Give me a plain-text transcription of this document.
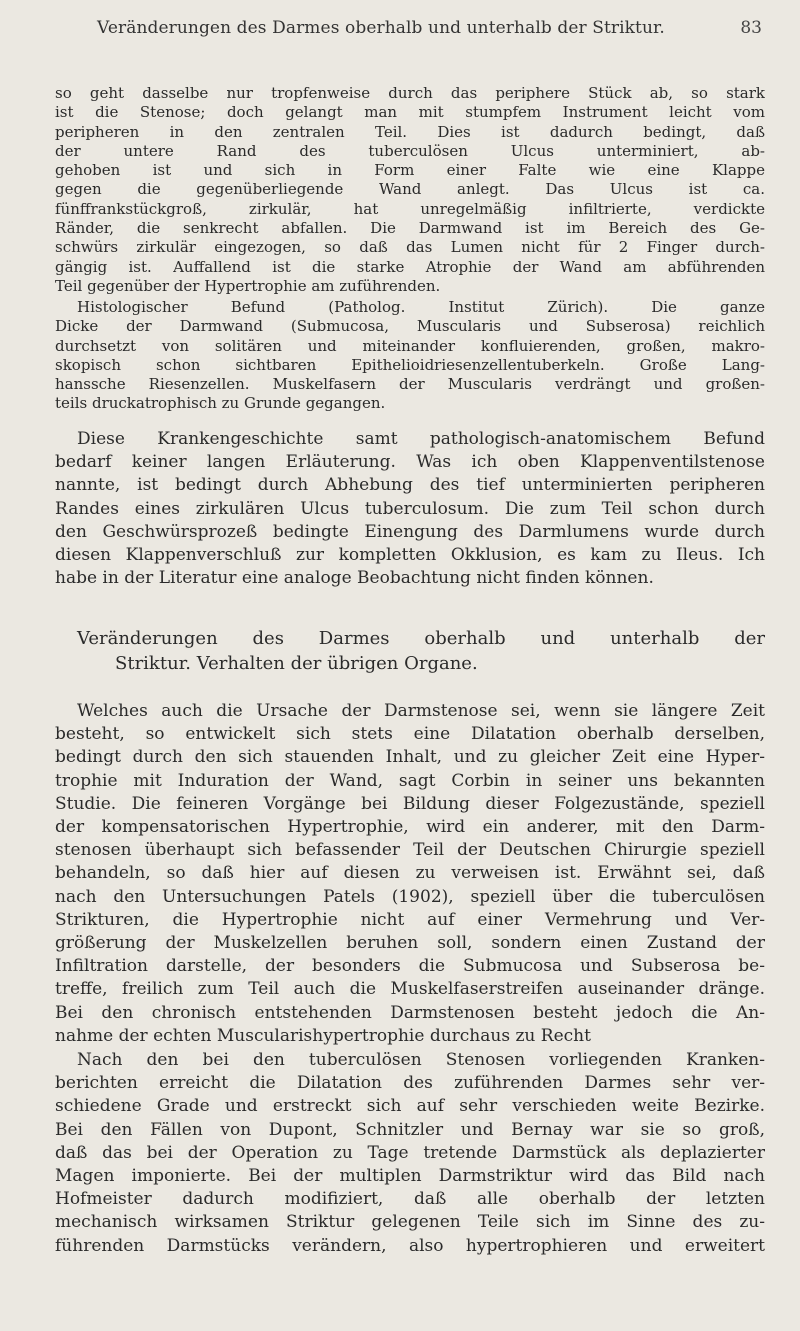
Veränderungen des Darmes oberhalb und unterhalb der Striktur.	83
so geht dasselbe nur tropfenweise durch das periphere Stück ab, so stark
ist die Stenose; doch gelangt man mit stumpfem Instrument leicht vom
peripheren in den zentralen Teil. Dies ist dadurch bedingt, daß
der untere Rand des tuberculösen Ulcus unterminiert, ab-
gehoben ist und sich in Form einer Falte wie eine Klappe
gegen die gegenüberliegende Wand anlegt. Das Ulcus ist ca.
fünffrankstückgroß, zirkulär, hat unregelmäßig infiltrierte, verdickte
Ränder, die senkrecht abfallen. Die Darmwand ist im Bereich des Ge-
schwürs zirkulär eingezogen, so daß das Lumen nicht für 2 Finger durch-
gängig ist. Auffallend ist die starke Atrophie der Wand am abführenden
Teil gegenüber der Hypertrophie am zuführenden.
Histologischer Befund (Patholog. Institut Zürich). Die ganze
Dicke der Darmwand (Submucosa, Muscularis und Subserosa) reichlich
durchsetzt von solitären und miteinander konfluierenden, großen, makro-
skopisch schon sichtbaren Epithelioidriesenzellentuberkeln. Große Lang-
hanssche Riesenzellen. Muskelfasern der Muscularis verdrängt und großen-
teils druckatrophisch zu Grunde gegangen.
Diese Krankengeschichte samt pathologisch-anatomischem Befund
bedarf keiner langen Erläuterung. Was ich oben Klappenventilstenose
nannte, ist bedingt durch Abhebung des tief unterminierten peripheren
Randes eines zirkulären Ulcus tuberculosum. Die zum Teil schon durch
den Geschwürsprozeß bedingte Einengung des Darmlumens wurde durch
diesen Klappenverschluß zur kompletten Okklusion, es kam zu Ileus. Ich
habe in der Literatur eine analoge Beobachtung nicht finden können.
Veränderungen des Darmes oberhalb und unterhalb der
Striktur. Verhalten der übrigen Organe.
Welches auch die Ursache der Darmstenose sei, wenn sie längere Zeit
besteht, so entwickelt sich stets eine Dilatation oberhalb derselben,
bedingt durch den sich stauenden Inhalt, und zu gleicher Zeit eine Hyper-
trophie mit Induration der Wand, sagt Corbin in seiner uns bekannten
Studie. Die feineren Vorgänge bei Bildung dieser Folgezustände, speziell
der kompensatorischen Hypertrophie, wird ein anderer, mit den Darm-
stenosen überhaupt sich befassender Teil der Deutschen Chirurgie speziell
behandeln, so daß hier auf diesen zu verweisen ist. Erwähnt sei, daß
nach den Untersuchungen Patels (1902), speziell über die tuberculösen
Strikturen, die Hypertrophie nicht auf einer Vermehrung und Ver-
größerung der Muskelzellen beruhen soll, sondern einen Zustand der
Infiltration darstelle, der besonders die Submucosa und Subserosa be-
treffe, freilich zum Teil auch die Muskelfaserstreifen auseinander dränge.
Bei den chronisch entstehenden Darmstenosen besteht jedoch die An-
nahme der echten Muscularishypertrophie durchaus zu Recht
Nach den bei den tuberculösen Stenosen vorliegenden Kranken-
berichten erreicht die Dilatation des zuführenden Darmes sehr ver-
schiedene Grade und erstreckt sich auf sehr verschieden weite Bezirke.
Bei den Fällen von Dupont, Schnitzler und Bernay war sie so groß,
daß das bei der Operation zu Tage tretende Darmstück als deplazierter
Magen imponierte. Bei der multiplen Darmstriktur wird das Bild nach
Hofmeister dadurch modifiziert, daß alle oberhalb der letzten
mechanisch wirksamen Striktur gelegenen Teile sich im Sinne des zu-
führenden Darmstücks verändern, also hypertrophieren und erweitert
